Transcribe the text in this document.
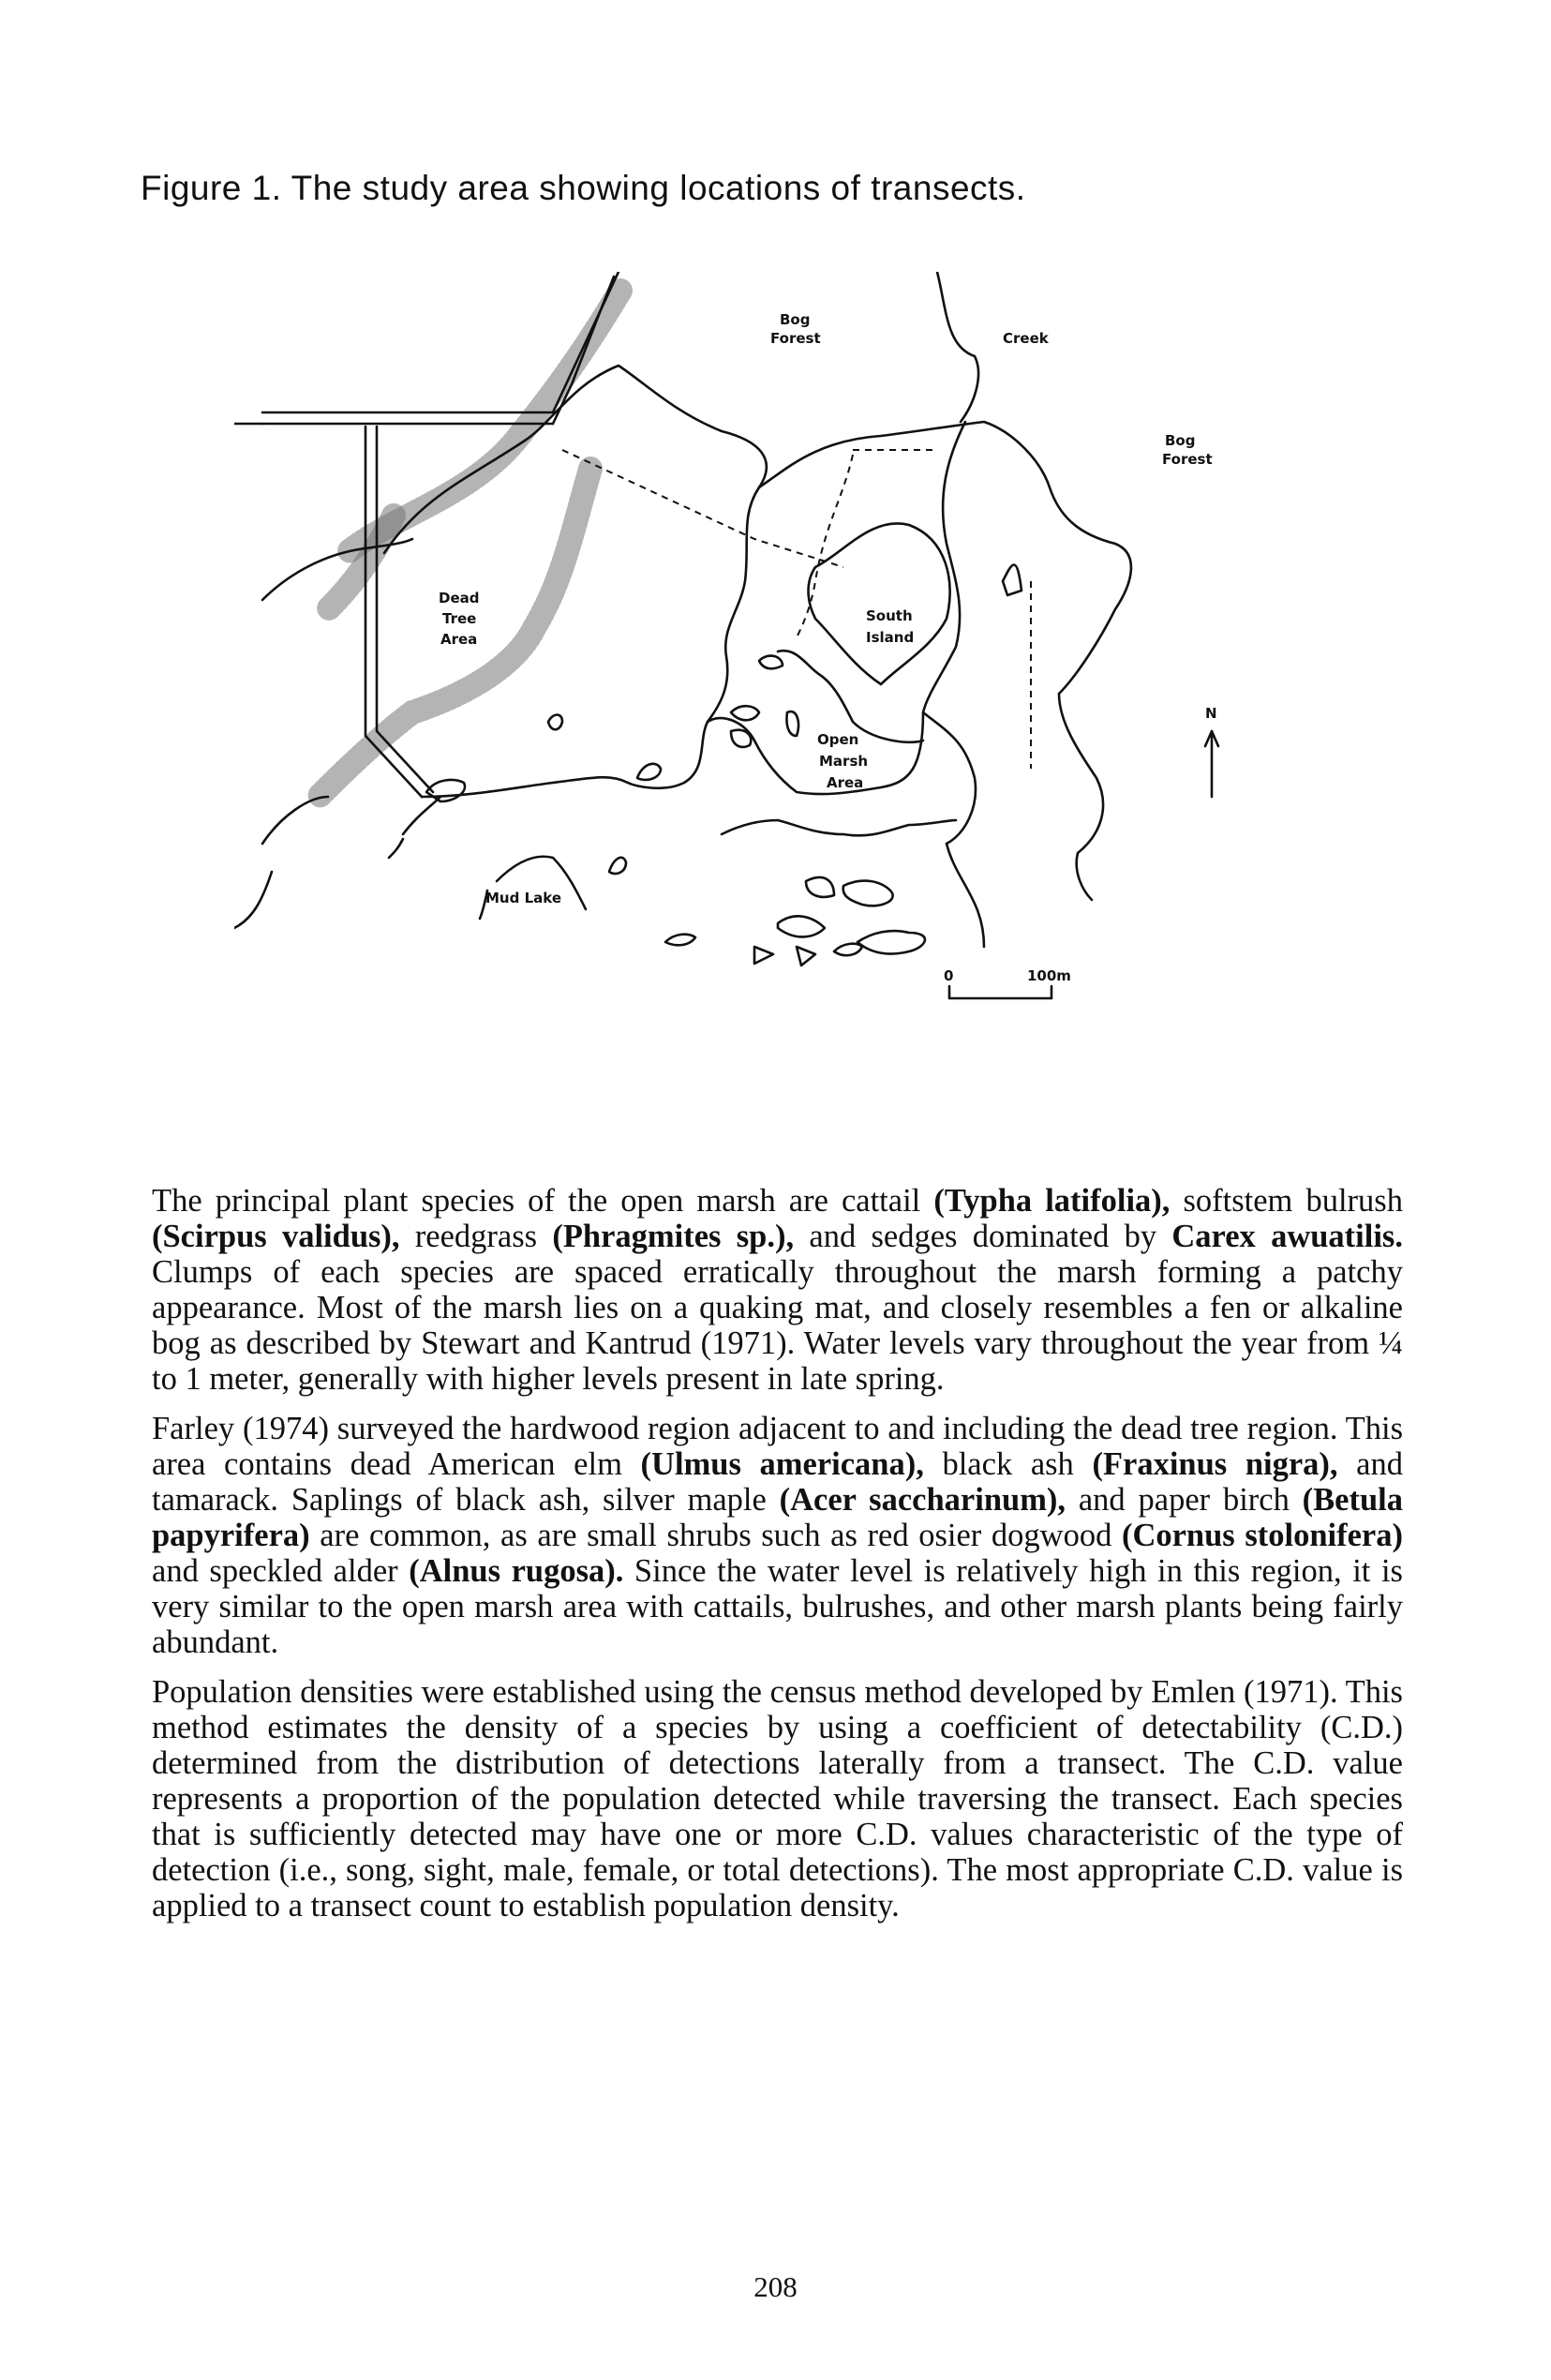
Figure 1. The study area showing locations of transects.
Bog
Forest	Creek
Bog
Forest
Dead
Tree
Area
South
Island
Open
Marsh
Area
Mud Lake
N
0	100m

The principal plant species of the open marsh are cattail (Typha latifolia), softstem bulrush (Scirpus validus), reedgrass (Phragmites sp.), and sedges dominated by Carex awuatilis. Clumps of each species are spaced erratically throughout the marsh forming a patchy appearance. Most of the marsh lies on a quaking mat, and closely resembles a fen or alkaline bog as described by Stewart and Kantrud (1971). Water levels vary throughout the year from ¼ to 1 meter, generally with higher levels present in late spring.

Farley (1974) surveyed the hardwood region adjacent to and including the dead tree region. This area contains dead American elm (Ulmus americana), black ash (Fraxinus nigra), and tamarack. Saplings of black ash, silver maple (Acer saccharinum), and paper birch (Betula papyrifera) are common, as are small shrubs such as red osier dogwood (Cornus stolonifera) and speckled alder (Alnus rugosa). Since the water level is relatively high in this region, it is very similar to the open marsh area with cattails, bulrushes, and other marsh plants being fairly abundant.

Population densities were established using the census method developed by Emlen (1971). This method estimates the density of a species by using a coefficient of detectability (C.D.) determined from the distribution of detections laterally from a transect. The C.D. value represents a proportion of the population detected while traversing the transect. Each species that is sufficiently detected may have one or more C.D. values characteristic of the type of detection (i.e., song, sight, male, female, or total detections). The most appropriate C.D. value is applied to a transect count to establish population density.

208
